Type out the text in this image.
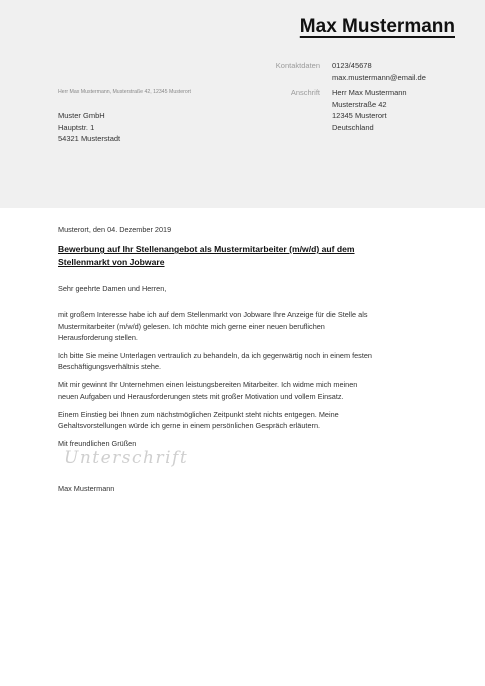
Max Mustermann
Kontaktdaten 0123/45678
max.mustermann@email.de
Anschrift Herr Max Mustermann
Musterstraße 42
12345 Musterort
Deutschland
Herr Max Mustermann, Musterstraße 42, 12345 Musterort
Muster GmbH
Hauptstr. 1
54321 Musterstadt

Musterort, den 04. Dezember 2019

Bewerbung auf Ihr Stellenangebot als Mustermitarbeiter (m/w/d) auf dem Stellenmarkt von Jobware

Sehr geehrte Damen und Herren,

mit großem Interesse habe ich auf dem Stellenmarkt von Jobware Ihre Anzeige für die Stelle als Mustermitarbeiter (m/w/d) gelesen. Ich möchte mich gerne einer neuen beruflichen Herausforderung stellen.

Ich bitte Sie meine Unterlagen vertraulich zu behandeln, da ich gegenwärtig noch in einem festen Beschäftigungsverhältnis stehe.

Mit mir gewinnt Ihr Unternehmen einen leistungsbereiten Mitarbeiter. Ich widme mich meinen neuen Aufgaben und Herausforderungen stets mit großer Motivation und vollem Einsatz.

Einem Einstieg bei Ihnen zum nächstmöglichen Zeitpunkt steht nichts entgegen. Meine Gehaltsvorstellungen würde ich gerne in einem persönlichen Gespräch erläutern.

Mit freundlichen Grüßen

Unterschrift

Max Mustermann
